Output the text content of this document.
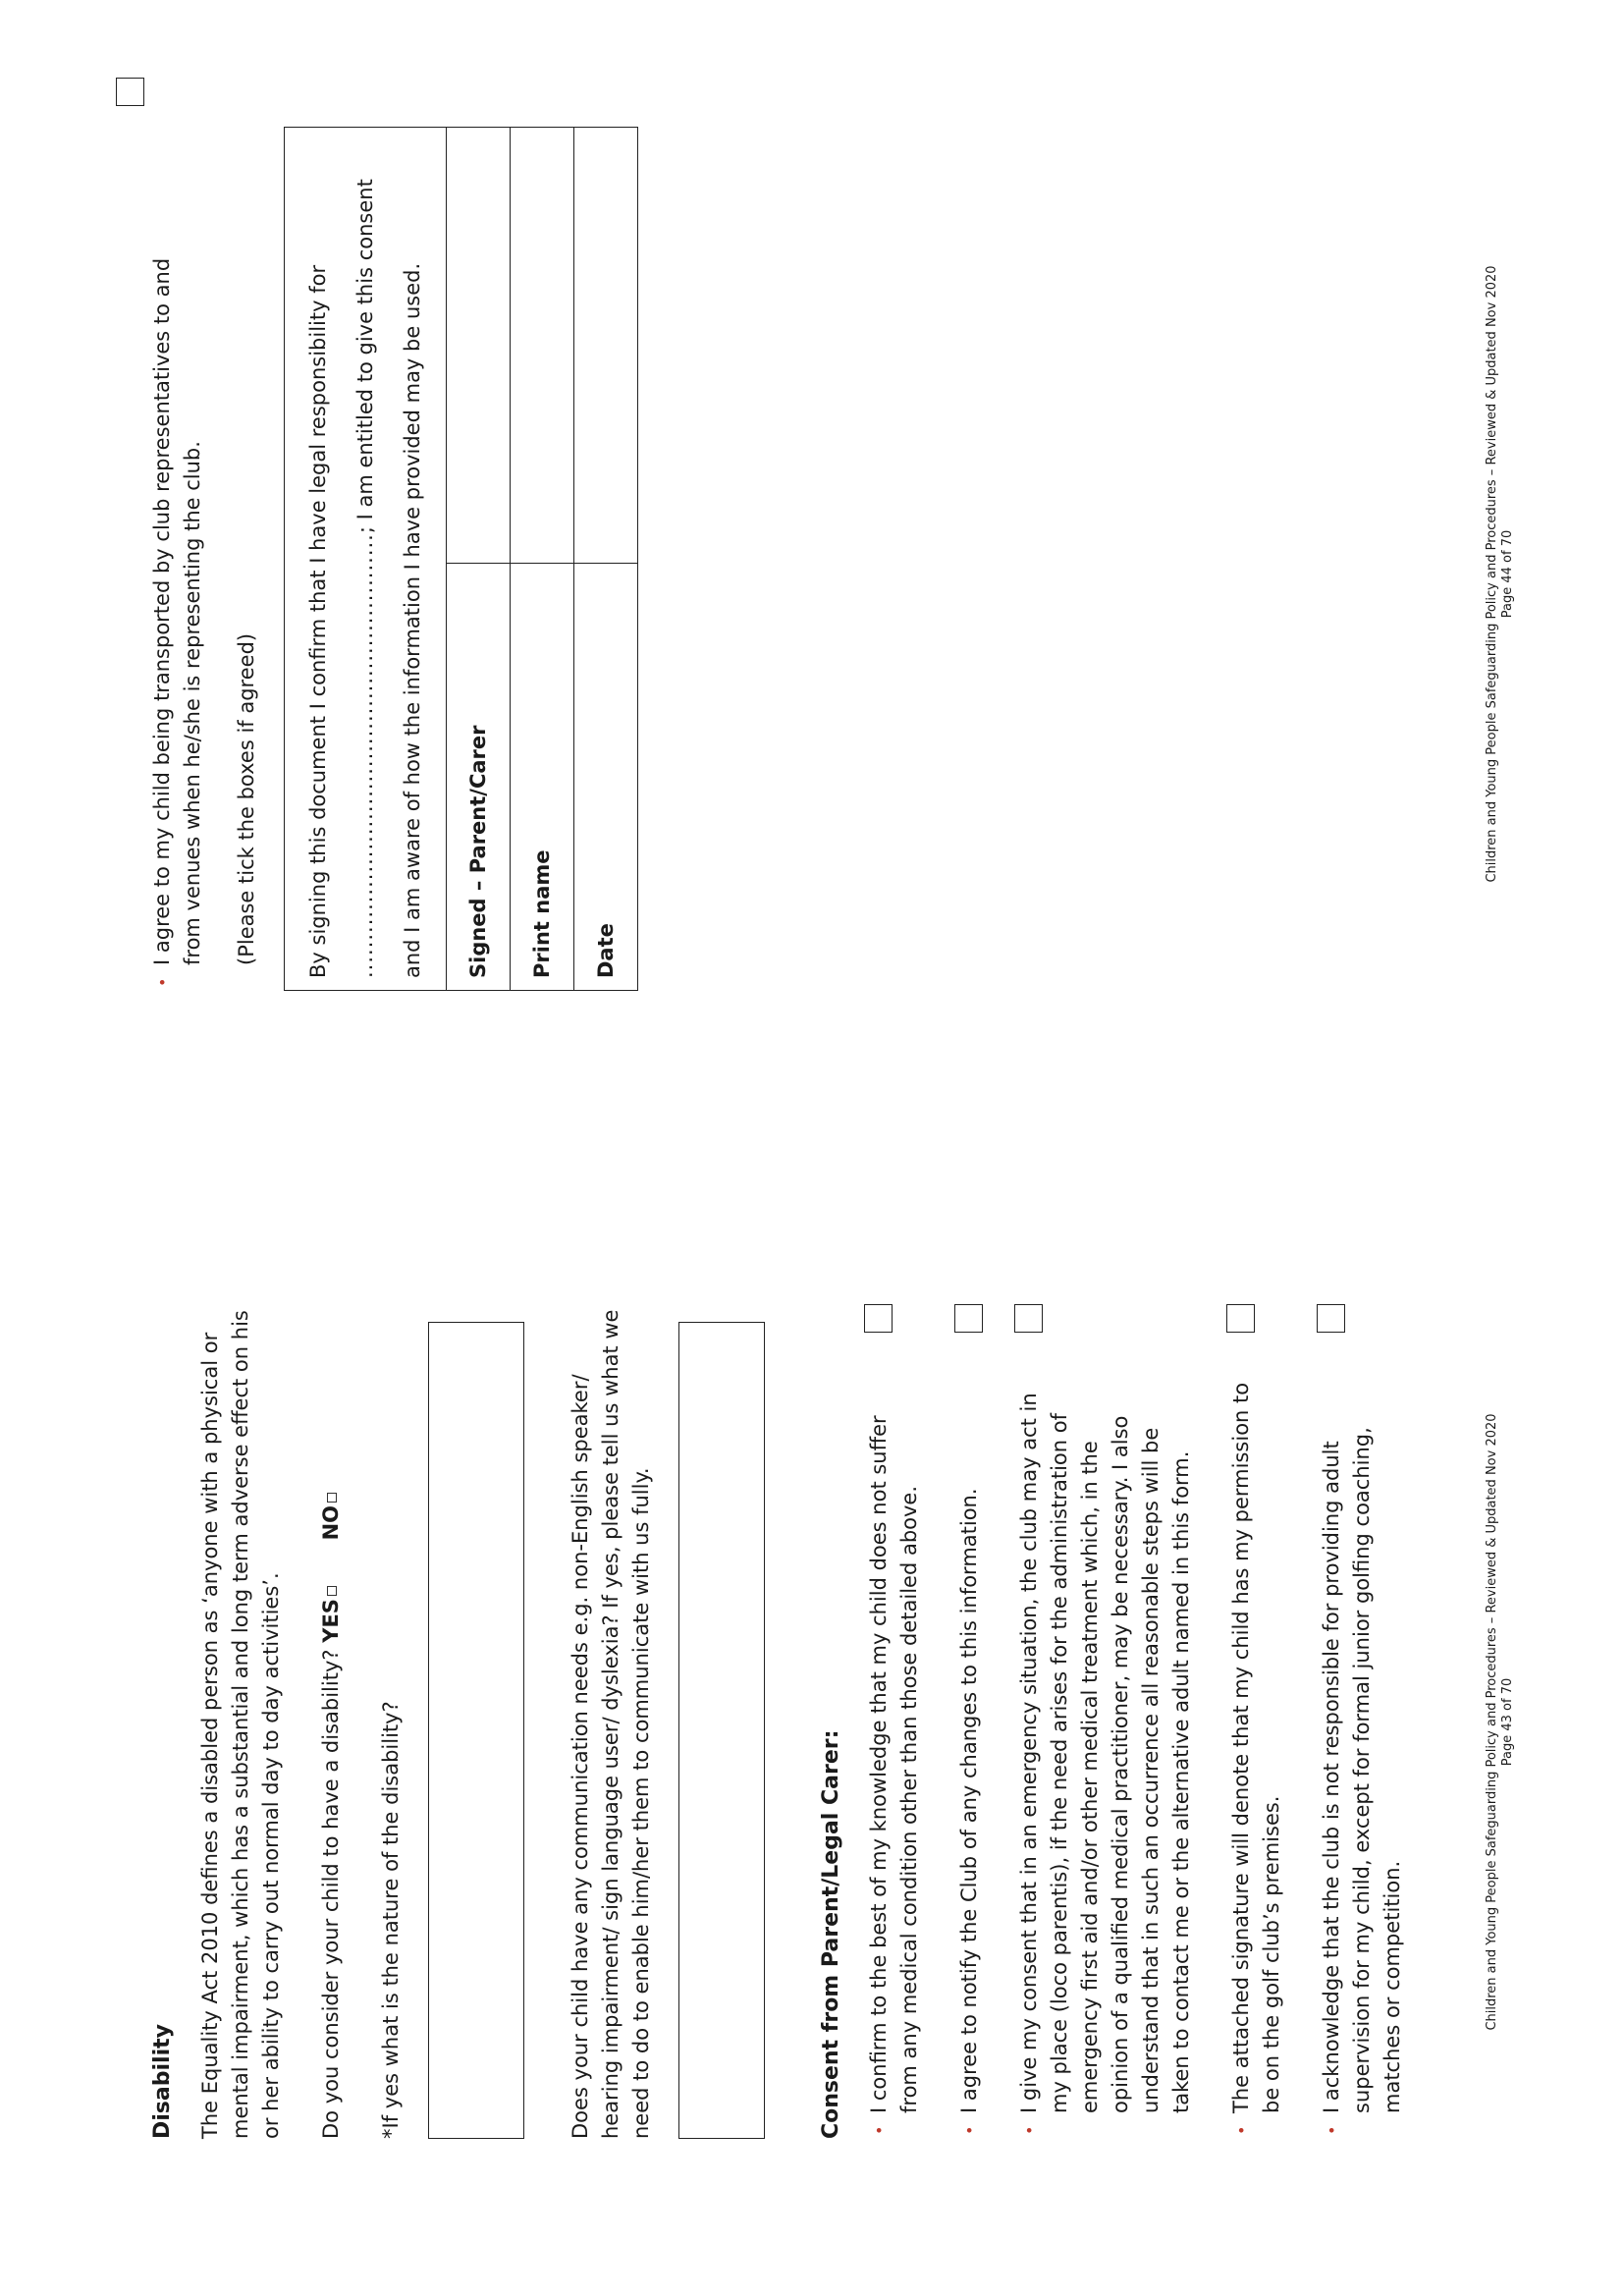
Disability The Equality Act 2010 defines a disabled person as ‘anyone with a physical or mental impairment, which has a substantial and long term adverse effect on his or her ability to carry out normal day to day activities’. Do you consider your child to have a disability? YES NO

*If yes what is the nature of the disability?	Does your child have any communication needs e.g. non-English speaker/ hearing impairment/ sign language user/ dyslexia? If yes, please tell us what we need to do to enable him/her them to communicate with us fully.	Consent from Parent/Legal Carer:	•
I confirm to the best of my knowledge that my child does not suffer from any medical condition other than those detailed above.
•
I agree to notify the Club of any changes to this information.
•
I give my consent that in an emergency situation, the club may act in my place (loco parentis), if the need arises for the administration of emergency first aid and/or other medical treatment which, in the opinion of a qualified medical practitioner, may be necessary. I also understand that in such an occurrence all reasonable steps will be taken to contact me or the alternative adult named in this form.
•
The attached signature will denote that my child has my permission to be on the golf club’s premises.
•
I acknowledge that the club is not responsible for providing adult supervision for my child, except for formal junior golfing coaching, matches or competition.	Children and Young People Safeguarding Policy and Procedures – Reviewed & Updated Nov 2020 Page 43 of 70
•
I agree to my child being transported by club representatives to and from venues when he/she is representing the club. (Please tick the boxes if agreed) By signing this document I confirm that I have legal responsibility for ...........................................................; I am entitled to give this consent and I am aware of how the information I have provided may be used.	
Signed – Parent/Carer	
Print name	
Date	
Children and Young People Safeguarding Policy and Procedures – Reviewed & Updated Nov 2020 Page 44 of 70
